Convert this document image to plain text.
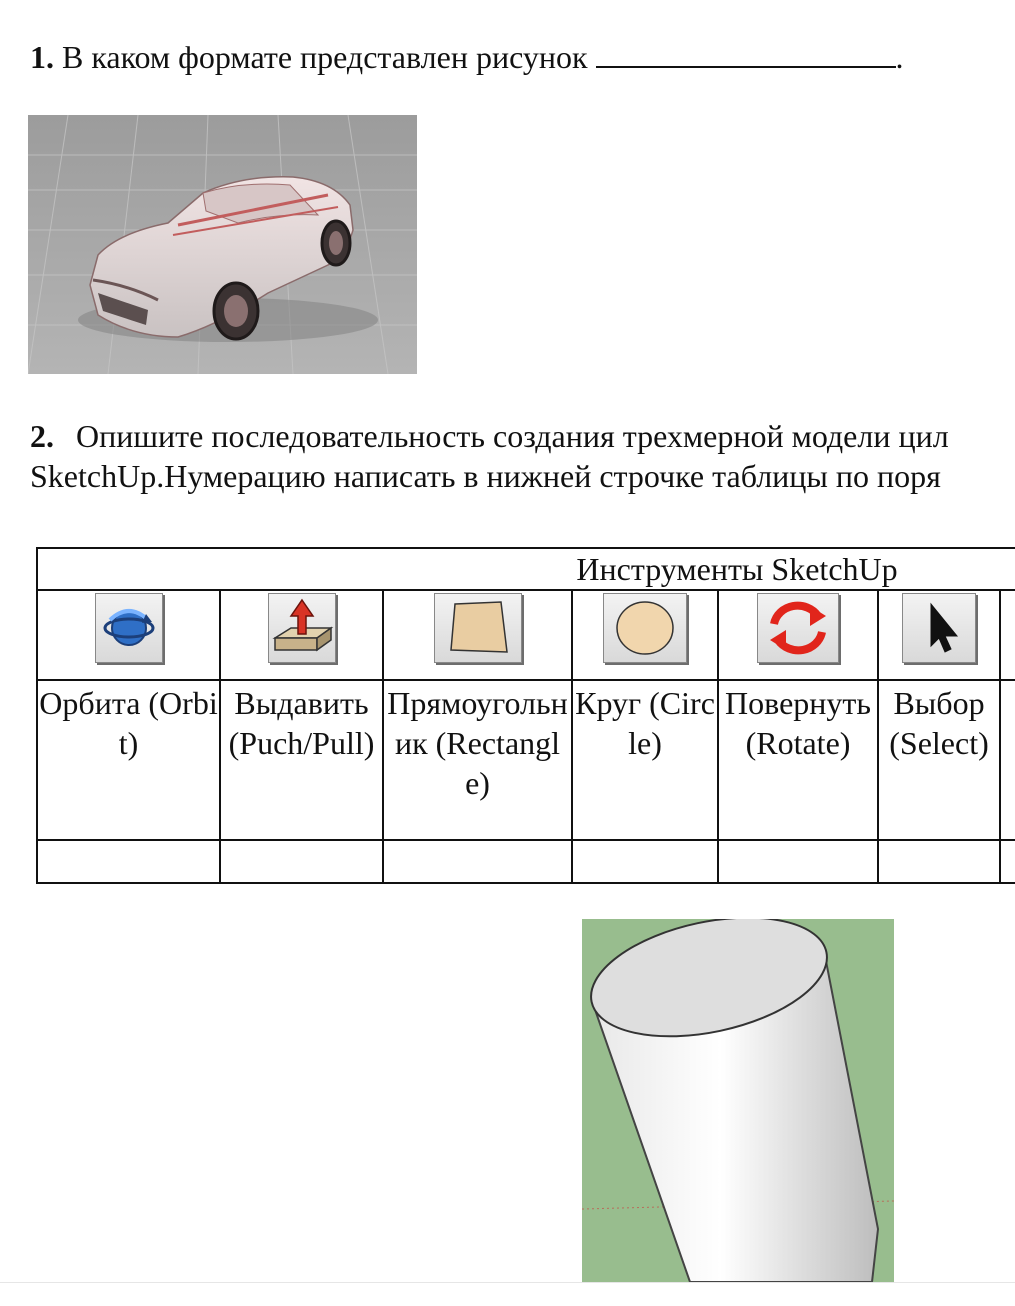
1. В каком формате представлен рисунок	.
2. Опишите последовательность создания трехмерной модели цил
SketchUp.Нумерацию написать в нижней строчке таблицы по поря
Инструменты SketchUp						

Орбита (Orbit)	Выдавить (Puch/Pull)	Прямоугольник (Rectangle)	Круг (Circle)	Повернуть (Rotate)	Выбор (Select)	
